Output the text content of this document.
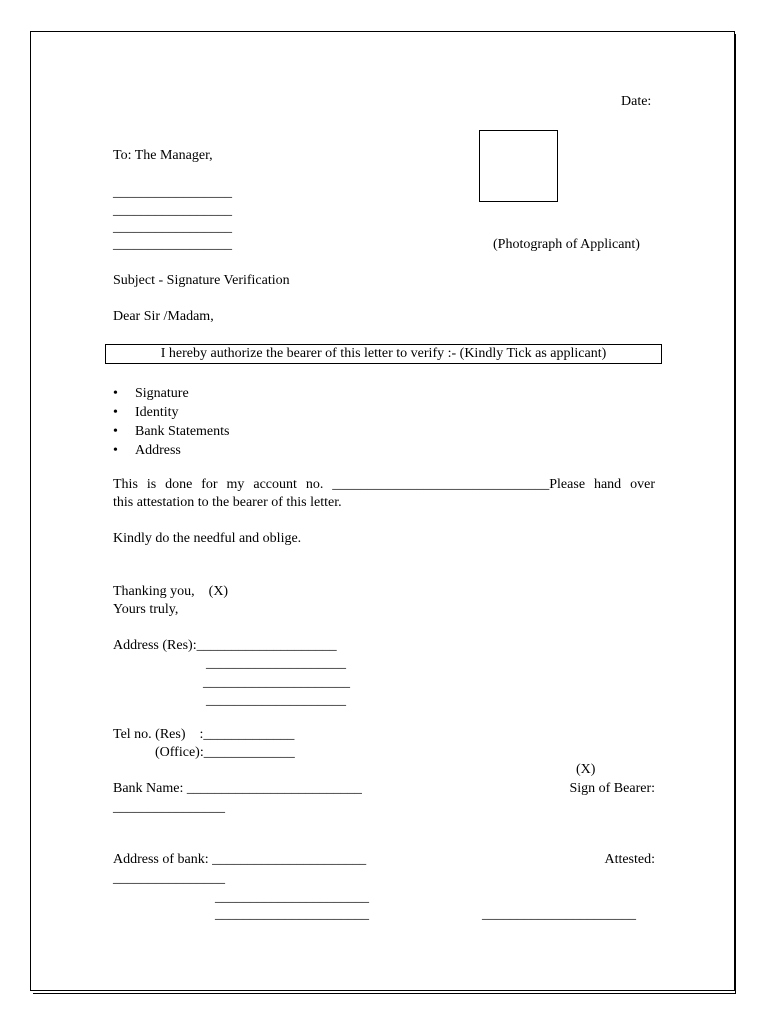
Date:
To: The Manager,
_________________
_________________
_________________
_________________	(Photograph of Applicant)
Subject - Signature Verification
Dear Sir /Madam,
I hereby authorize the bearer of this letter to verify :- (Kindly Tick as applicant)
• Signature
• Identity
• Bank Statements
• Address
This is done for my account no. _______________________________Please hand over
this attestation to the bearer of this letter.
Kindly do the needful and oblige.
Thanking you,    (X)
Yours truly,
Address (Res):____________________
____________________
_____________________
____________________
Tel no. (Res)    :_____________
(Office):_____________
(X)
Bank Name: _________________________	Sign of Bearer:
________________
Address of bank: ______________________	Attested:
________________
______________________
______________________	______________________
